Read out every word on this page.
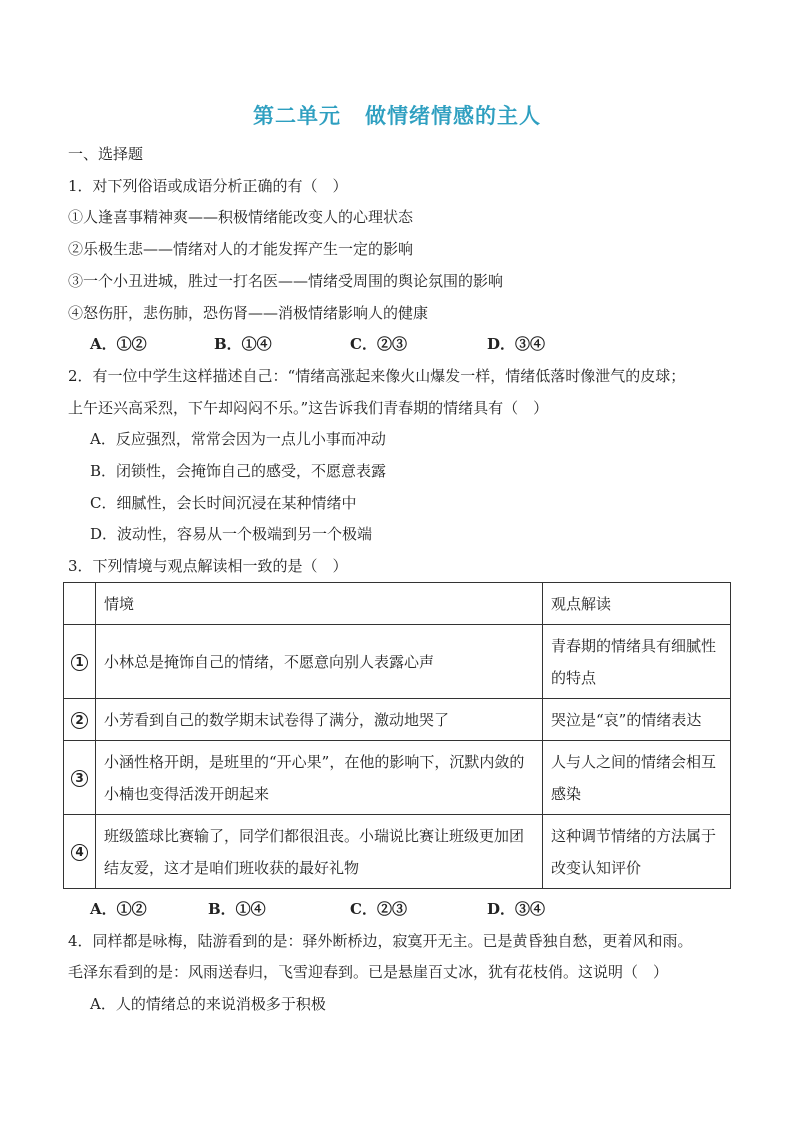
第二单元 做情绪情感的主人
一、选择题
1．对下列俗语或成语分析正确的有（　）
①人逢喜事精神爽——积极情绪能改变人的心理状态
②乐极生悲——情绪对人的才能发挥产生一定的影响
③一个小丑进城，胜过一打名医——情绪受周围的舆论氛围的影响
④怒伤肝，悲伤肺，恐伤肾——消极情绪影响人的健康
A．①②	B．①④	C．②③	D．③④
2．有一位中学生这样描述自己：“情绪高涨起来像火山爆发一样，情绪低落时像泄气的皮球；
上午还兴高采烈，下午却闷闷不乐。”这告诉我们青春期的情绪具有（　）
A．反应强烈，常常会因为一点儿小事而冲动
B．闭锁性，会掩饰自己的感受，不愿意表露
C．细腻性，会长时间沉浸在某种情绪中
D．波动性，容易从一个极端到另一个极端
3．下列情境与观点解读相一致的是（　）
	情境	观点解读
1	小林总是掩饰自己的情绪，不愿意向别人表露心声	青春期的情绪具有细腻性的特点
2	小芳看到自己的数学期末试卷得了满分，激动地哭了	哭泣是“哀”的情绪表达
3	小涵性格开朗，是班里的“开心果”，在他的影响下，沉默内敛的小楠也变得活泼开朗起来	人与人之间的情绪会相互感染
4	班级篮球比赛输了，同学们都很沮丧。小瑞说比赛让班级更加团结友爱，这才是咱们班收获的最好礼物	这种调节情绪的方法属于改变认知评价
A．①②	B．①④	C．②③	D．③④
4．同样都是咏梅，陆游看到的是：驿外断桥边，寂寞开无主。已是黄昏独自愁，更着风和雨。
毛泽东看到的是：风雨送春归，飞雪迎春到。已是悬崖百丈冰，犹有花枝俏。这说明（　）
A．人的情绪总的来说消极多于积极
